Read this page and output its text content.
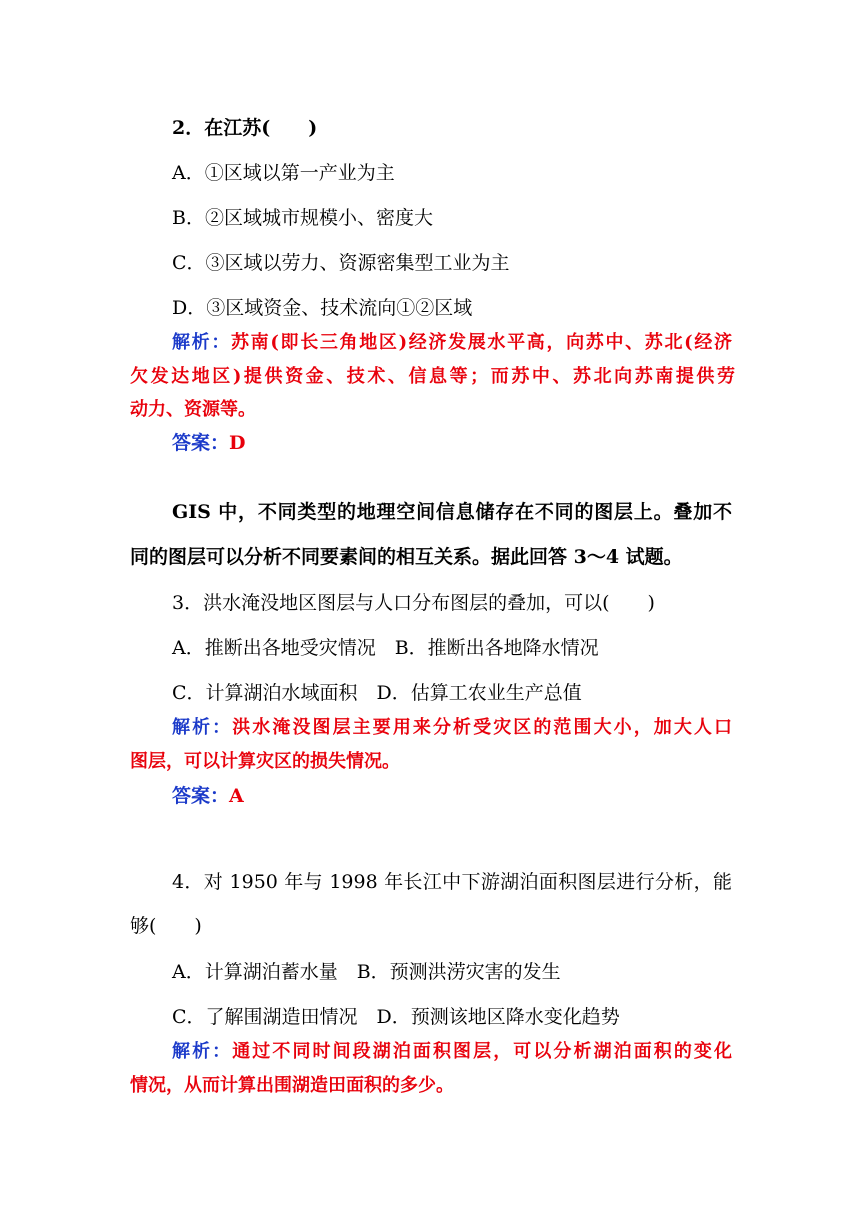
2．在江苏(　　)
A．①区域以第一产业为主
B．②区域城市规模小、密度大
C．③区域以劳力、资源密集型工业为主
D．③区域资金、技术流向①②区域
解析：苏南(即长三角地区)经济发展水平高，向苏中、苏北(经济
欠发达地区)提供资金、技术、信息等；而苏中、苏北向苏南提供劳
动力、资源等。
答案：D
GIS 中，不同类型的地理空间信息储存在不同的图层上。叠加不
同的图层可以分析不同要素间的相互关系。据此回答 3～4 试题。
3．洪水淹没地区图层与人口分布图层的叠加，可以(　　)
A．推断出各地受灾情况　B．推断出各地降水情况
C．计算湖泊水域面积　D．估算工农业生产总值
解析：洪水淹没图层主要用来分析受灾区的范围大小，加大人口
图层，可以计算灾区的损失情况。
答案：A
4．对 1950 年与 1998 年长江中下游湖泊面积图层进行分析，能
够(　　)
A．计算湖泊蓄水量　B．预测洪涝灾害的发生
C．了解围湖造田情况　D．预测该地区降水变化趋势
解析：通过不同时间段湖泊面积图层，可以分析湖泊面积的变化
情况，从而计算出围湖造田面积的多少。
